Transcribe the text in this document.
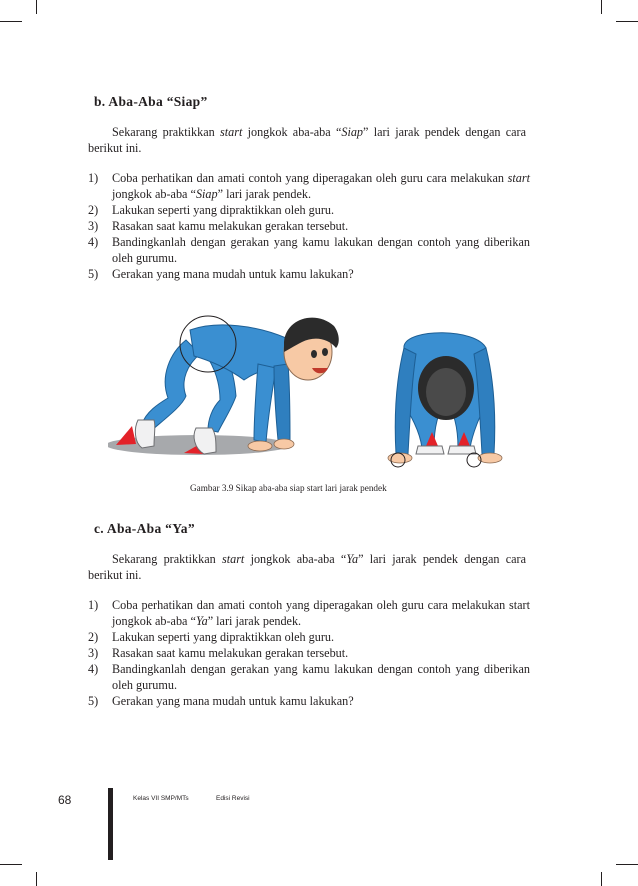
b. Aba-Aba “Siap”

Sekarang praktikkan start jongkok aba-aba “Siap” lari jarak pendek dengan cara berikut ini.

1) Coba perhatikan dan amati contoh yang diperagakan oleh guru cara melakukan start jongkok ab-aba “Siap” lari jarak pendek.
2) Lakukan seperti yang dipraktikkan oleh guru.
3) Rasakan saat kamu melakukan gerakan tersebut.
4) Bandingkanlah dengan gerakan yang kamu lakukan dengan contoh yang diberikan oleh gurumu.
5) Gerakan yang mana mudah untuk kamu lakukan?
Gambar 3.9 Sikap aba-aba siap start lari jarak pendek
c. Aba-Aba “Ya”

Sekarang praktikkan start jongkok aba-aba “Ya” lari jarak pendek dengan cara berikut ini.

1) Coba perhatikan dan amati contoh yang diperagakan oleh guru cara melakukan start jongkok ab-aba “Ya” lari jarak pendek.
2) Lakukan seperti yang dipraktikkan oleh guru.
3) Rasakan saat kamu melakukan gerakan tersebut.
4) Bandingkanlah dengan gerakan yang kamu lakukan dengan contoh yang diberikan oleh gurumu.
5) Gerakan yang mana mudah untuk kamu lakukan?
68	Kelas VII SMP/MTs	Edisi Revisi
